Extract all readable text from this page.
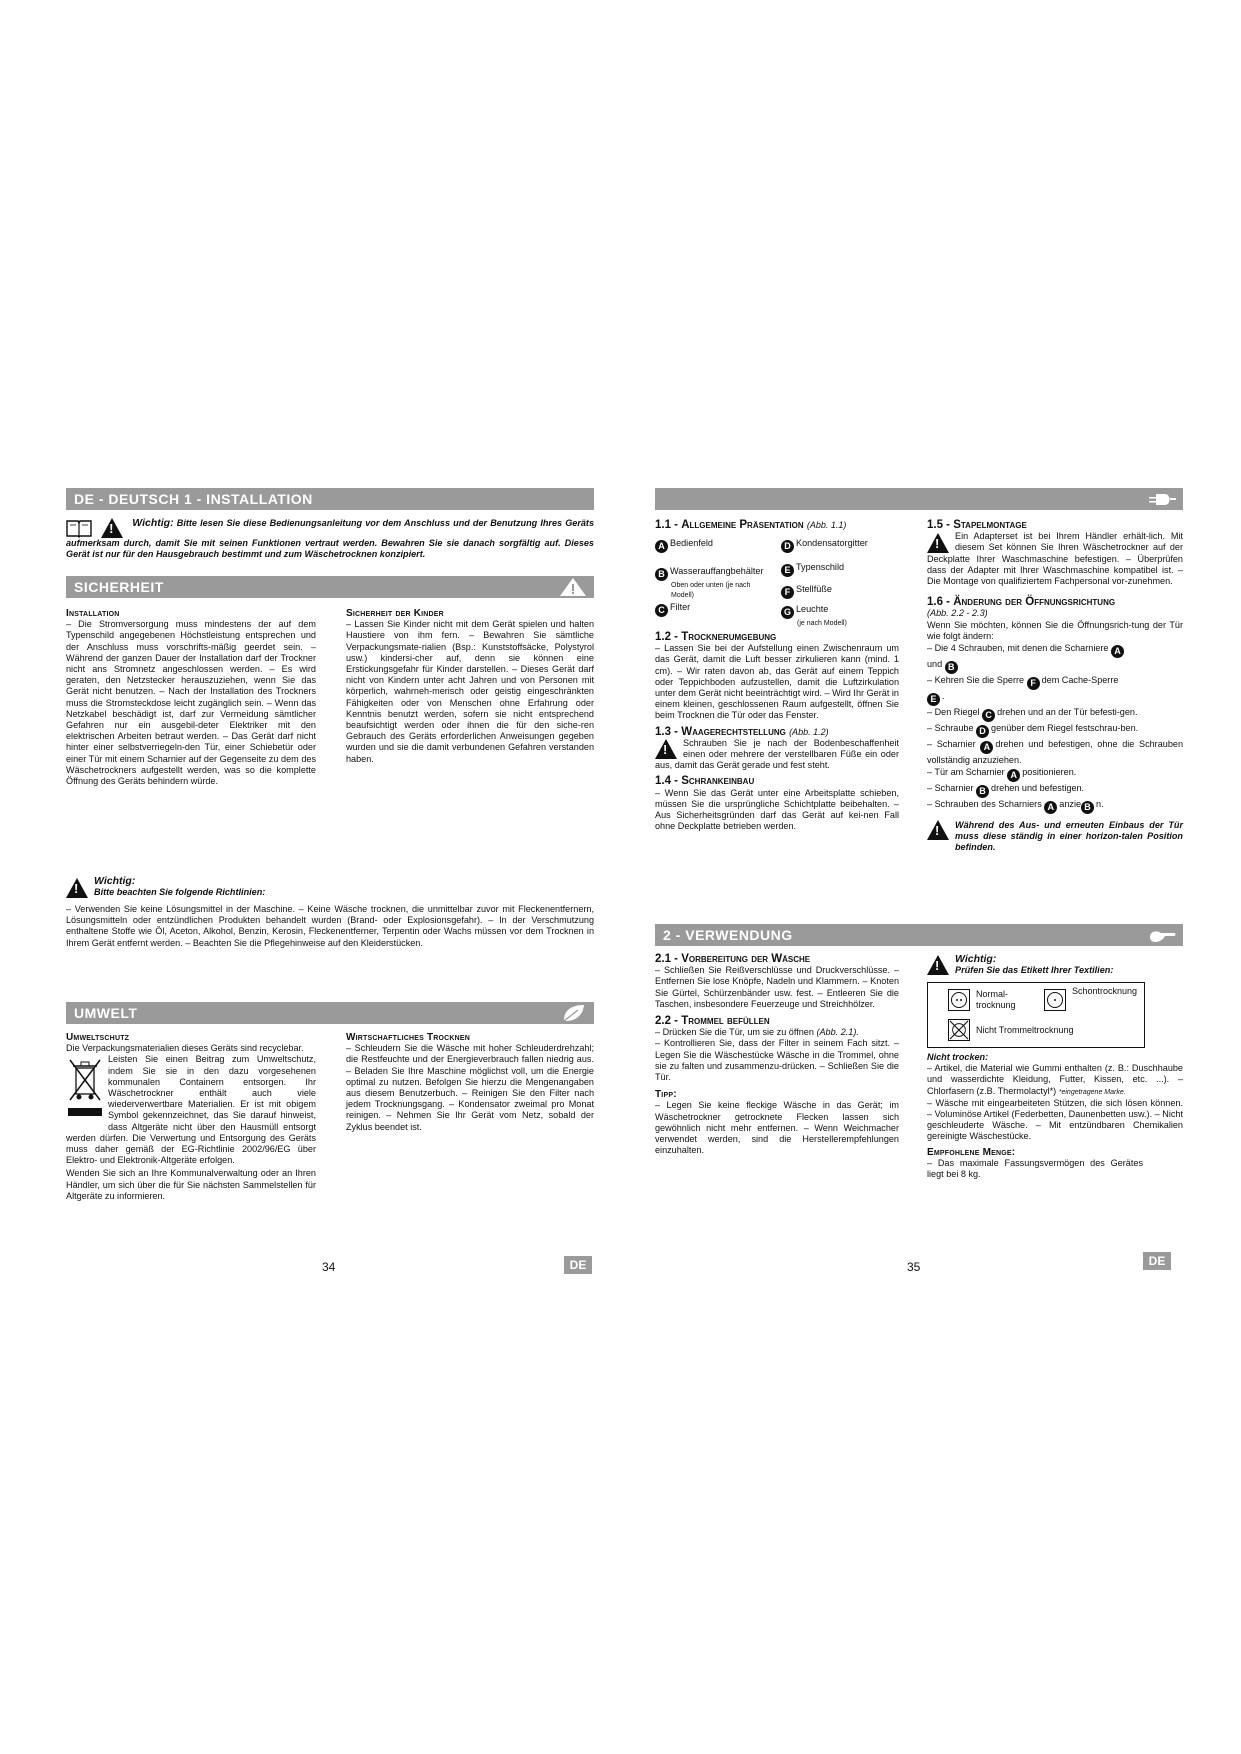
DE - DEUTSCH 1 - INSTALLATION
! Wichtig: Bitte lesen Sie diese Bedienungsanleitung vor dem Anschluss und der Benutzung Ihres Geräts aufmerksam durch, damit Sie mit seinen Funktionen vertraut werden. Bewahren Sie sie danach sorgfältig auf. Dieses Gerät ist nur für den Hausgebrauch bestimmt und zum Wäschetrocknen konzipiert.
SICHERHEIT

Installation

– Die Stromversorgung muss mindestens der auf dem Typenschild angegebenen Höchstleistung entsprechen und der Anschluss muss vorschrifts-mäßig geerdet sein. – Während der ganzen Dauer der Installation darf der Trockner nicht ans Stromnetz angeschlossen werden. – Es wird geraten, den Netzstecker herauszuziehen, wenn Sie das Gerät nicht benutzen. – Nach der Installation des Trockners muss die Stromsteckdose leicht zugänglich sein. – Wenn das Netzkabel beschädigt ist, darf zur Vermeidung sämtlicher Gefahren nur ein ausgebil-deter Elektriker mit den elektrischen Arbeiten betraut werden. – Das Gerät darf nicht hinter einer selbstverriegeln-den Tür, einer Schiebetür oder einer Tür mit einem Scharnier auf der Gegenseite zu dem des Wäschetrockners aufgestellt werden, was so die komplette Öffnung des Geräts behindern würde.

Sicherheit der Kinder

– Lassen Sie Kinder nicht mit dem Gerät spielen und halten Haustiere von ihm fern. – Bewahren Sie sämtliche Verpackungsmate-rialien (Bsp.: Kunststoffsäcke, Polystyrol usw.) kindersi-cher auf, denn sie können eine Erstickungsgefahr für Kinder darstellen. – Dieses Gerät darf nicht von Kindern unter acht Jahren und von Personen mit körperlich, wahrneh-merisch oder geistig eingeschränkten Fähigkeiten oder von Menschen ohne Erfahrung oder Kenntnis benutzt werden, sofern sie nicht entsprechend beaufsichtigt werden oder ihnen die für den siche-ren Gebrauch des Geräts erforderlichen Anweisungen gegeben wurden und sie die damit verbundenen Gefahren verstanden haben.

!
Wichtig:
Bitte beachten Sie folgende Richtlinien:

– Verwenden Sie keine Lösungsmittel in der Maschine. – Keine Wäsche trocknen, die unmittelbar zuvor mit Fleckenentfernern, Lösungsmitteln oder entzündlichen Produkten behandelt wurden (Brand- oder Explosionsgefahr). – In der Verschmutzung enthaltene Stoffe wie Öl, Aceton, Alkohol, Benzin, Kerosin, Fleckenentferner, Terpentin oder Wachs müssen vor dem Trocknen in Ihrem Gerät entfernt werden. – Beachten Sie die Pflegehinweise auf den Kleiderstücken.

UMWELT

Umweltschutz

Die Verpackungsmaterialien dieses Geräts sind recyclebar.

Leisten Sie einen Beitrag zum Umweltschutz, indem Sie sie in den dazu vorgesehenen kommunalen Containern entsorgen. Ihr Wäschetrockner enthält auch viele wiederverwertbare Materialien. Er ist mit obigem Symbol gekennzeichnet, das Sie darauf hinweist, dass Altgeräte nicht über den Hausmüll entsorgt werden dürfen. Die Verwertung und Entsorgung des Geräts muss daher gemäß der EG-Richtlinie 2002/96/EG über Elektro- und Elektronik-Altgeräte erfolgen.

Wenden Sie sich an Ihre Kommunalverwaltung oder an Ihren Händler, um sich über die für Sie nächsten Sammelstellen für Altgeräte zu informieren.

Wirtschaftliches Trocknen

– Schleudern Sie die Wäsche mit hoher Schleuderdrehzahl; die Restfeuchte und der Energieverbrauch fallen niedrig aus. – Beladen Sie Ihre Maschine möglichst voll, um die Energie optimal zu nutzen. Befolgen Sie hierzu die Mengenangaben aus diesem Benutzerbuch. – Reinigen Sie den Filter nach jedem Trocknungsgang. – Kondensator zweimal pro Monat reinigen. – Nehmen Sie Ihr Gerät vom Netz, sobald der Zyklus beendet ist.

34	DE

1.1 - Allgemeine Präsentation (Abb. 1.1)

A Bedienfeld
B Wasserauffangbehälter
Oben oder unten (je nach Modell)
C Filter
D Kondensatorgitter
E Typenschild
F Stellfüße
G Leuchte
(je nach Modell)

1.2 - Trocknerumgebung

– Lassen Sie bei der Aufstellung einen Zwischenraum um das Gerät, damit die Luft besser zirkulieren kann (mind. 1 cm). – Wir raten davon ab, das Gerät auf einem Teppich oder Teppichboden aufzustellen, damit die Luftzirkulation unter dem Gerät nicht beeinträchtigt wird. – Wird Ihr Gerät in einem kleinen, geschlossenen Raum aufgestellt, öffnen Sie beim Trocknen die Tür oder das Fenster.

1.3 - Waagerechtstellung (Abb. 1.2)

!

Schrauben Sie je nach der Bodenbeschaffenheit einen oder mehrere der verstellbaren Füße ein oder aus, damit das Gerät gerade und fest steht.

1.4 - Schrankeinbau

– Wenn Sie das Gerät unter eine Arbeitsplatte schieben, müssen Sie die ursprüngliche Schichtplatte beibehalten. – Aus Sicherheitsgründen darf das Gerät auf kei-nen Fall ohne Deckplatte betrieben werden.

1.5 - Stapelmontage

!

Ein Adapterset ist bei Ihrem Händler erhält-lich. Mit diesem Set können Sie Ihren Wäschetrockner auf der Deckplatte Ihrer Waschmaschine befestigen. – Überprüfen dass der Adapter mit Ihrer Waschmaschine kompatibel ist. – Die Montage von qualifiziertem Fachpersonal vor-zunehmen.

1.6 - Änderung der Öffnungsrichtung

(Abb. 2.2 - 2.3)

Wenn Sie möchten, können Sie die Öffnungsrich-tung der Tür wie folgt ändern:

– Die 4 Schrauben, mit denen die Scharniere A
und B

– Kehren Sie die Sperre F dem Cache-Sperre
E .

– Den Riegel C drehen und an der Tür befesti-gen.

– Schraube D genüber dem Riegel festschrau-ben.

– Scharnier A drehen und befestigen, ohne die Schrauben vollständig anzuziehen.

– Tür am Scharnier A positionieren.

– Scharnier B drehen und befestigen.

– Schrauben des Scharniers A anzie B n.

!

Während des Aus- und erneuten Einbaus der Tür muss diese ständig in einer horizon-talen Position befinden.

2 - VERWENDUNG

2.1 - Vorbereitung der Wäsche

– Schließen Sie Reißverschlüsse und Druckverschlüsse. – Entfernen Sie lose Knöpfe, Nadeln und Klammern. – Knoten Sie Gürtel, Schürzenbänder usw. fest. – Entleeren Sie die Taschen, insbesondere Feuerzeuge und Streichhölzer.

2.2 - Trommel befüllen

– Drücken Sie die Tür, um sie zu öffnen (Abb. 2.1).

– Kontrollieren Sie, dass der Filter in seinem Fach sitzt. – Legen Sie die Wäschestücke Wäsche in die Trommel, ohne sie zu falten und zusammenzu-drücken. – Schließen Sie die Tür.

Tipp:

– Legen Sie keine fleckige Wäsche in das Gerät; im Wäschetrockner getrocknete Flecken lassen sich gewöhnlich nicht mehr entfernen. – Wenn Weichmacher verwendet werden, sind die Herstellerempfehlungen einzuhalten.

!
Wichtig:
Prüfen Sie das Etikett Ihrer Textilien:
Normal-trocknung
Schontrocknung
Nicht Trommeltrocknung

Nicht trocken:

– Artikel, die Material wie Gummi enthalten (z. B.: Duschhaube und wasserdichte Kleidung, Futter, Kissen, etc. ...). – Chlorfasern (z.B. Thermolactyl*) *eingetragene Marke.

– Wäsche mit eingearbeiteten Stützen, die sich lösen können. – Voluminöse Artikel (Federbetten, Daunenbetten usw.). – Nicht geschleuderte Wäsche. – Mit entzündbaren Chemikalien gereinigte Wäschestücke.

Empfohlene Menge:

– Das maximale Fassungsvermögen des Gerätes liegt bei 8 kg.

35	DE
